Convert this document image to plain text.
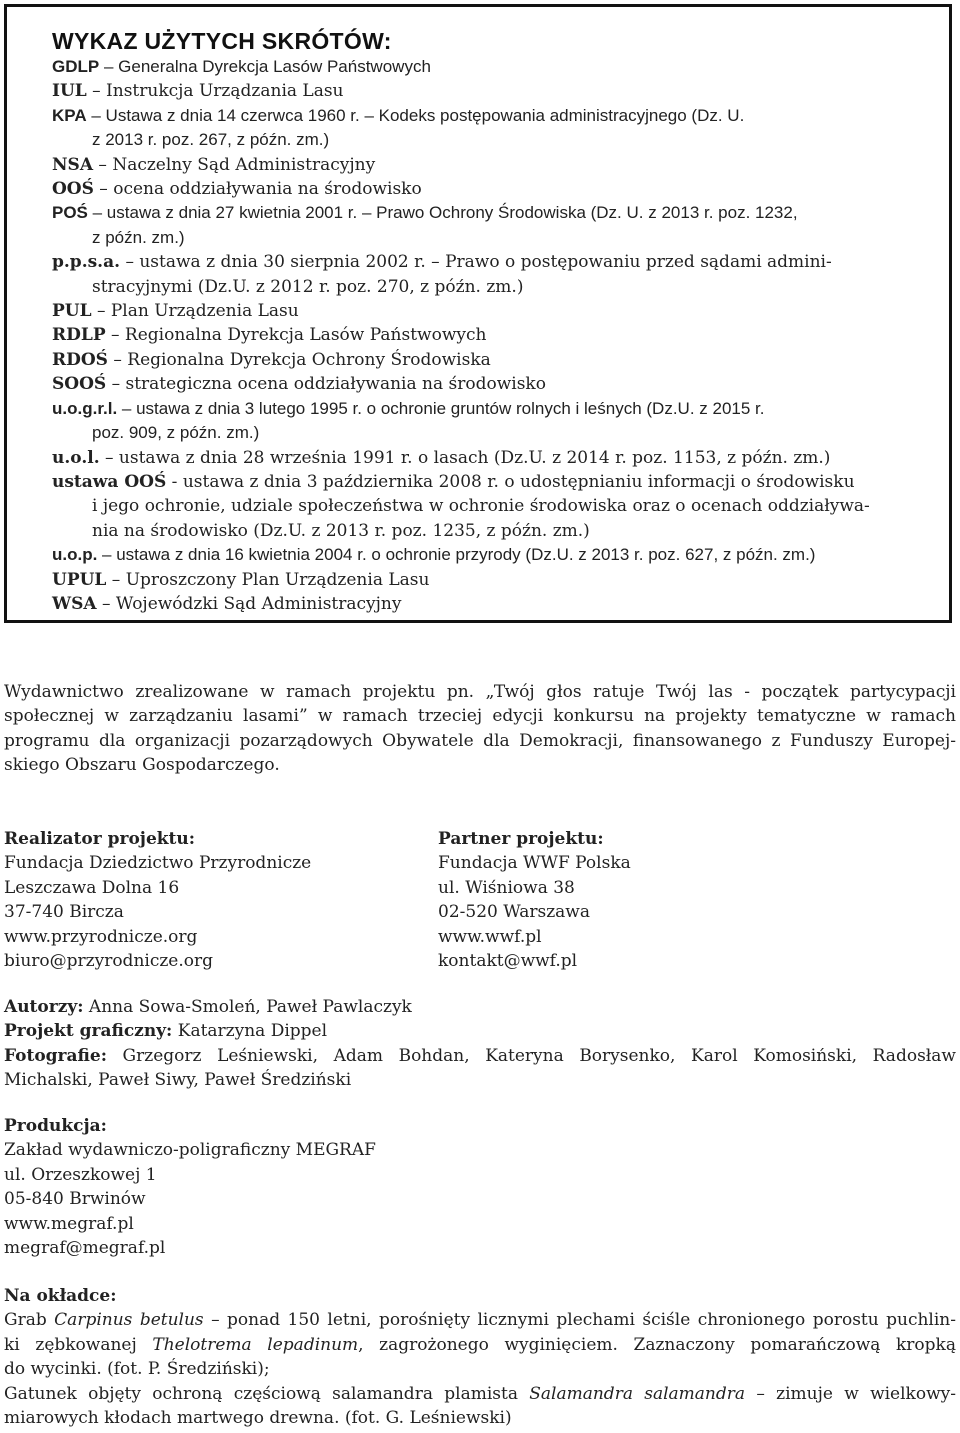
WYKAZ UŻYTYCH SKRÓTÓW:
GDLP – Generalna Dyrekcja Lasów Państwowych
IUL – Instrukcja Urządzania Lasu
KPA – Ustawa z dnia 14 czerwca 1960 r. – Kodeks postępowania administracyjnego (Dz. U.
z 2013 r. poz. 267, z późn. zm.)
NSA – Naczelny Sąd Administracyjny
OOŚ – ocena oddziaływania na środowisko
POŚ – ustawa z dnia 27 kwietnia 2001 r. – Prawo Ochrony Środowiska (Dz. U. z 2013 r. poz. 1232,
z późn. zm.)
p.p.s.a. – ustawa z dnia 30 sierpnia 2002 r. – Prawo o postępowaniu przed sądami admini-
stracyjnymi (Dz.U. z 2012 r. poz. 270, z późn. zm.)
PUL – Plan Urządzenia Lasu
RDLP – Regionalna Dyrekcja Lasów Państwowych
RDOŚ – Regionalna Dyrekcja Ochrony Środowiska
SOOŚ – strategiczna ocena oddziaływania na środowisko
u.o.g.r.l. – ustawa z dnia 3 lutego 1995 r. o ochronie gruntów rolnych i leśnych (Dz.U. z 2015 r.
poz. 909, z późn. zm.)
u.o.l. – ustawa z dnia 28 września 1991 r. o lasach (Dz.U. z 2014 r. poz. 1153, z późn. zm.)
ustawa OOŚ - ustawa z dnia 3 października 2008 r. o udostępnianiu informacji o środowisku
i jego ochronie, udziale społeczeństwa w ochronie środowiska oraz o ocenach oddziaływa-
nia na środowisko (Dz.U. z 2013 r. poz. 1235, z późn. zm.)
u.o.p. – ustawa z dnia 16 kwietnia 2004 r. o ochronie przyrody (Dz.U. z 2013 r. poz. 627, z późn. zm.)
UPUL – Uproszczony Plan Urządzenia Lasu
WSA – Wojewódzki Sąd Administracyjny
Wydawnictwo zrealizowane w ramach projektu pn. „Twój głos ratuje Twój las - początek partycypacji
społecznej w zarządzaniu lasami” w ramach trzeciej edycji konkursu na projekty tematyczne w ramach
programu dla organizacji pozarządowych Obywatele dla Demokracji, finansowanego z Funduszy Europej-
skiego Obszaru Gospodarczego.
Realizator projektu:
Fundacja Dziedzictwo Przyrodnicze
Leszczawa Dolna 16
37-740 Bircza
www.przyrodnicze.org
biuro@przyrodnicze.org
Partner projektu:
Fundacja WWF Polska
ul. Wiśniowa 38
02-520 Warszawa
www.wwf.pl
kontakt@wwf.pl
Autorzy: Anna Sowa-Smoleń, Paweł Pawlaczyk
Projekt graficzny: Katarzyna Dippel
Fotografie: Grzegorz Leśniewski, Adam Bohdan, Kateryna Borysenko, Karol Komosiński, Radosław
Michalski, Paweł Siwy, Paweł Średziński
Produkcja:
Zakład wydawniczo-poligraficzny MEGRAF
ul. Orzeszkowej 1
05-840 Brwinów
www.megraf.pl
megraf@megraf.pl
Na okładce:
Grab Carpinus betulus – ponad 150 letni, porośnięty licznymi plechami ściśle chronionego porostu puchlin-
ki zębkowanej Thelotrema lepadinum, zagrożonego wyginięciem. Zaznaczony pomarańczową kropką
do wycinki. (fot. P. Średziński);
Gatunek objęty ochroną częściową salamandra plamista Salamandra salamandra – zimuje w wielkowy-
miarowych kłodach martwego drewna. (fot. G. Leśniewski)
